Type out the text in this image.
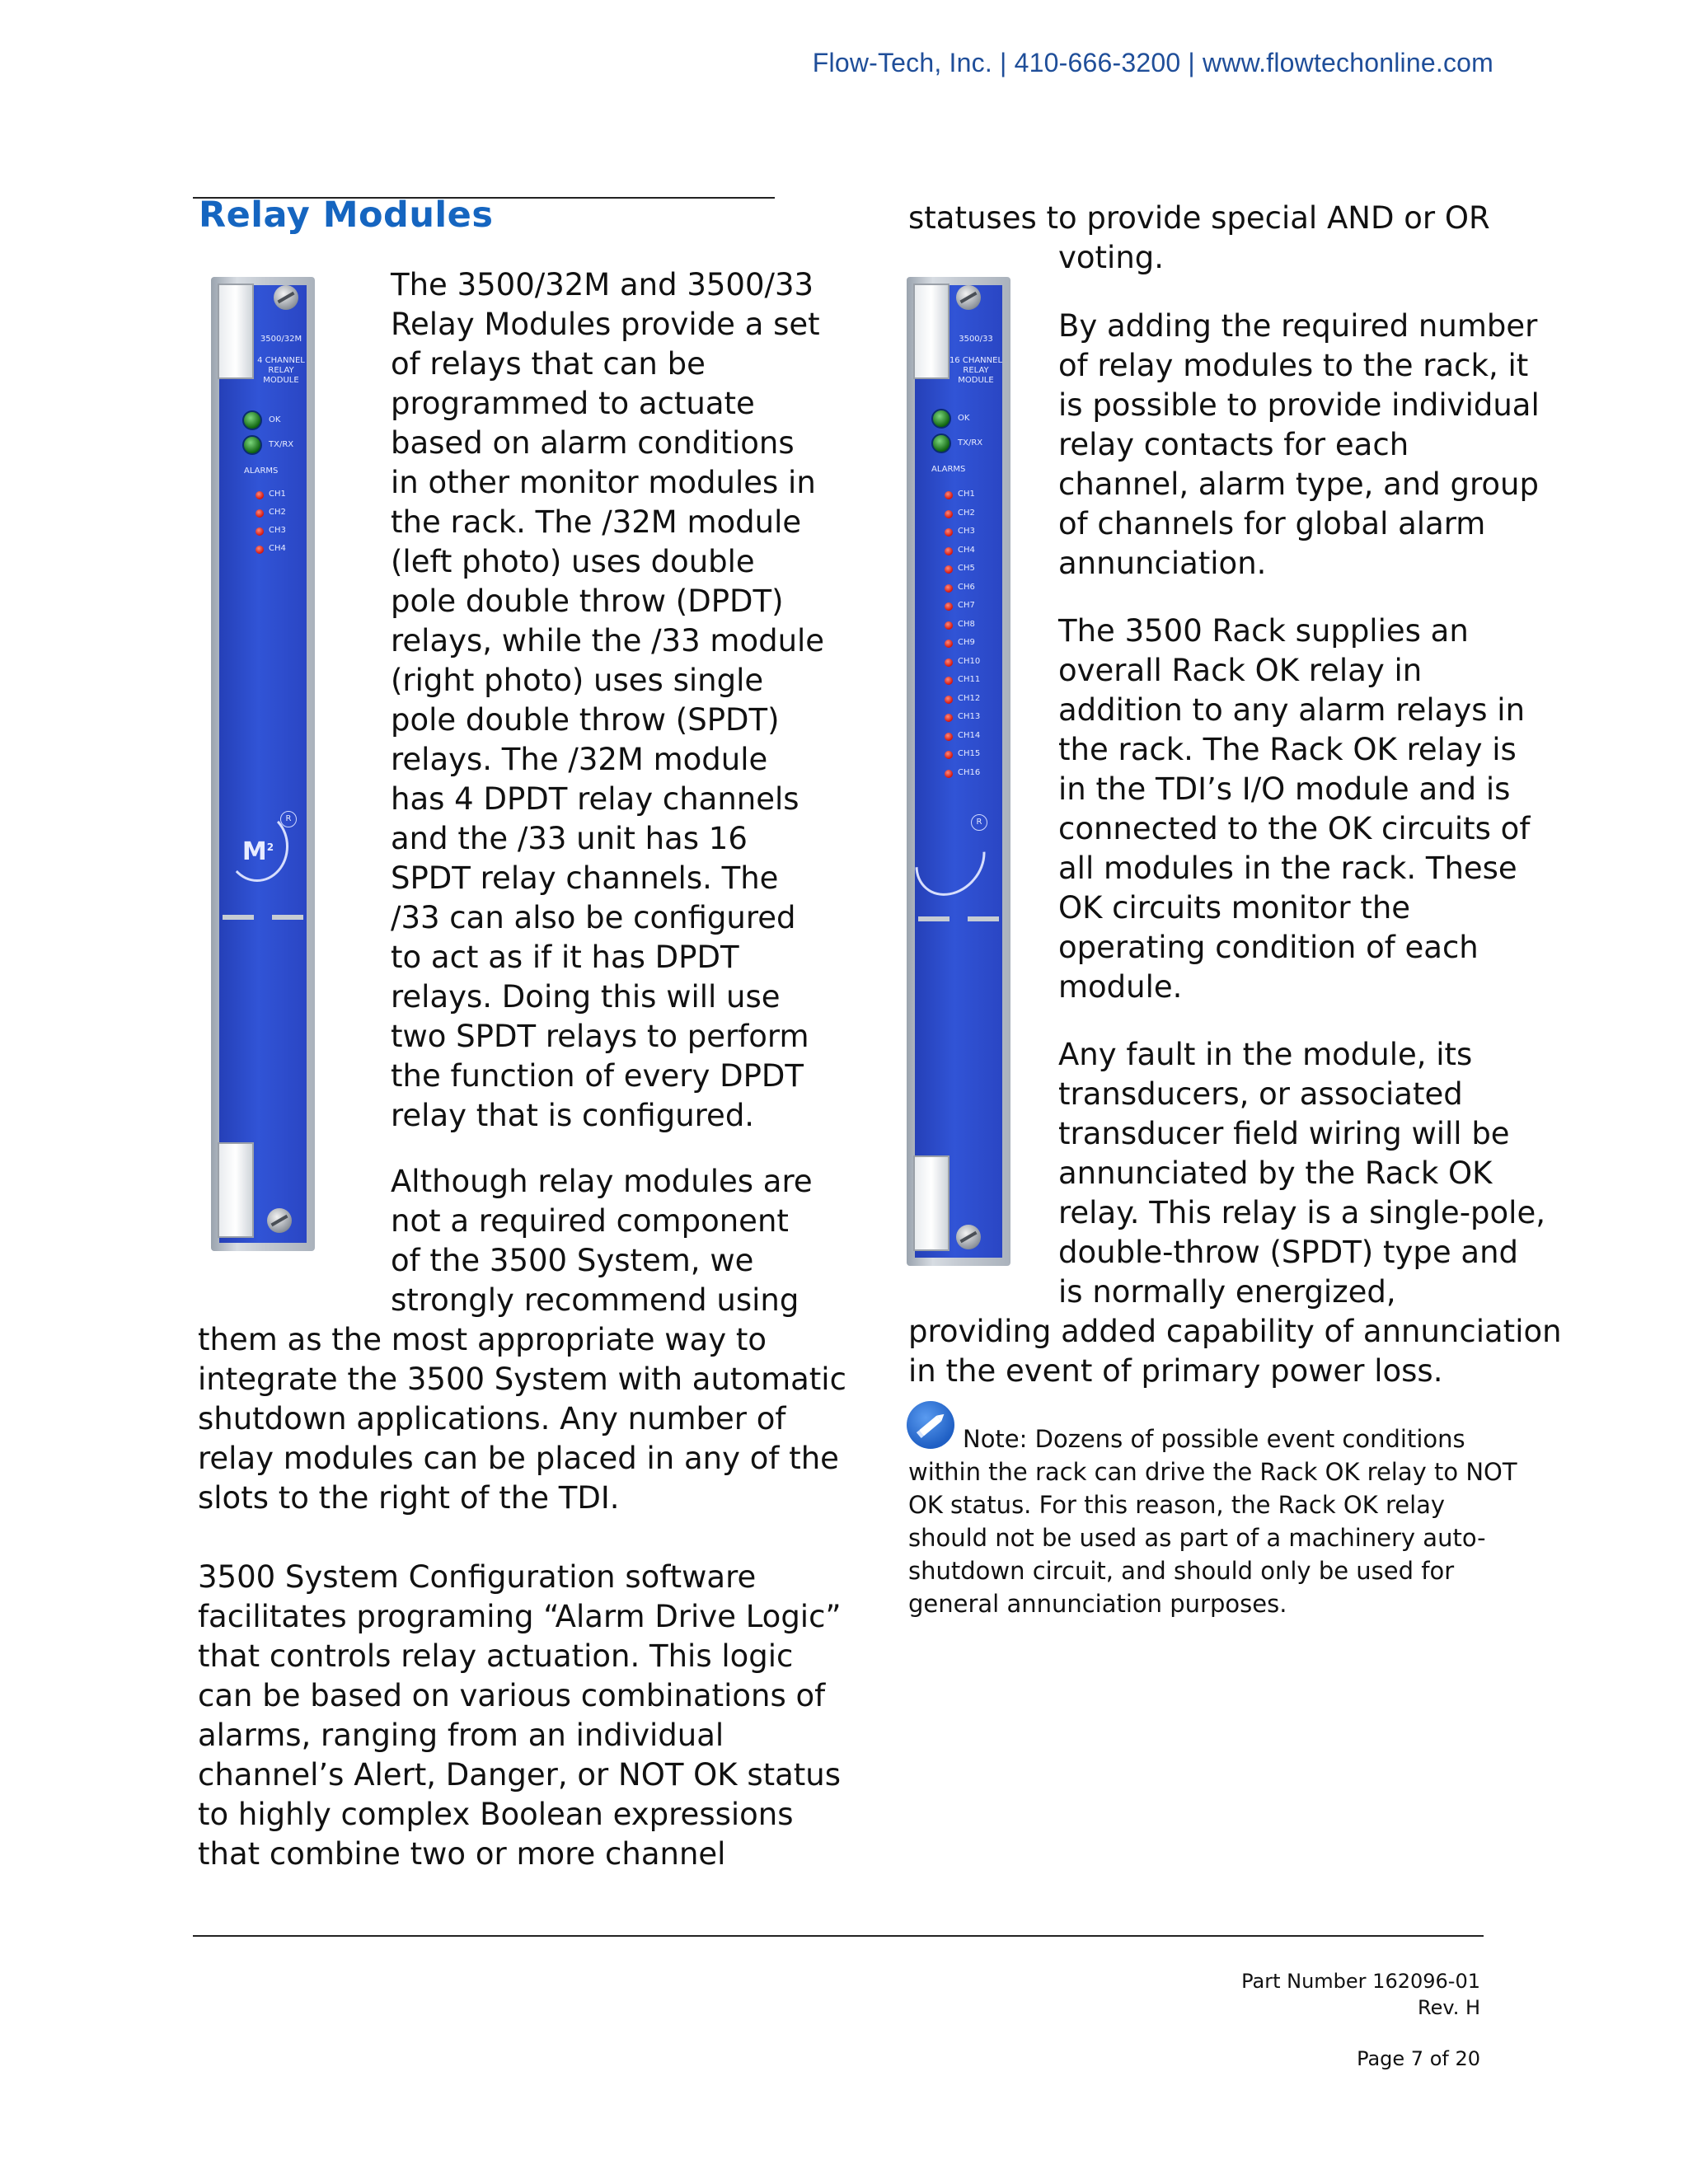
Flow-Tech, Inc. | 410-666-3200 | www.flowtechonline.com
Relay Modules
3500/32M
4 CHANNEL
RELAY
MODULE
OK
TX/RX
ALARMS
CH1
CH2
CH3
CH4
R
$M^2$
3500/33
16 CHANNEL
RELAY
MODULE
OK
TX/RX
ALARMS
CH1
CH2
CH3
CH4
CH5
CH6
CH7
CH8
CH9
CH10
CH11
CH12
CH13
CH14
CH15
CH16
R
The 3500/32M and 3500/33
Relay Modules provide a set
of relays that can be
programmed to actuate
based on alarm conditions
in other monitor modules in
the rack. The /32M module
(left photo) uses double
pole double throw (DPDT)
relays, while the /33 module
(right photo) uses single
pole double throw (SPDT)
relays. The /32M module
has 4 DPDT relay channels
and the /33 unit has 16
SPDT relay channels. The
/33 can also be configured
to act as if it has DPDT
relays. Doing this will use
two SPDT relays to perform
the function of every DPDT
relay that is configured.
Although relay modules are
not a required component
of the 3500 System, we
strongly recommend using
them as the most appropriate way to
integrate the 3500 System with automatic
shutdown applications. Any number of
relay modules can be placed in any of the
slots to the right of the TDI.
3500 System Configuration software
facilitates programing “Alarm Drive Logic”
that controls relay actuation. This logic
can be based on various combinations of
alarms, ranging from an individual
channel’s Alert, Danger, or NOT OK status
to highly complex Boolean expressions
that combine two or more channel
statuses to provide special AND or OR
voting.
By adding the required number
of relay modules to the rack, it
is possible to provide individual
relay contacts for each
channel, alarm type, and group
of channels for global alarm
annunciation.
The 3500 Rack supplies an
overall Rack OK relay in
addition to any alarm relays in
the rack. The Rack OK relay is
in the TDI’s I/O module and is
connected to the OK circuits of
all modules in the rack. These
OK circuits monitor the
operating condition of each
module.
Any fault in the module, its
transducers, or associated
transducer field wiring will be
annunciated by the Rack OK
relay. This relay is a single-pole,
double-throw (SPDT) type and
is normally energized,
providing added capability of annunciation
in the event of primary power loss.
Note: Dozens of possible event conditions
within the rack can drive the Rack OK relay to NOT
OK status. For this reason, the Rack OK relay
should not be used as part of a machinery auto-
shutdown circuit, and should only be used for
general annunciation purposes.
Part Number 162096-01
Rev. H
Page 7 of 20
